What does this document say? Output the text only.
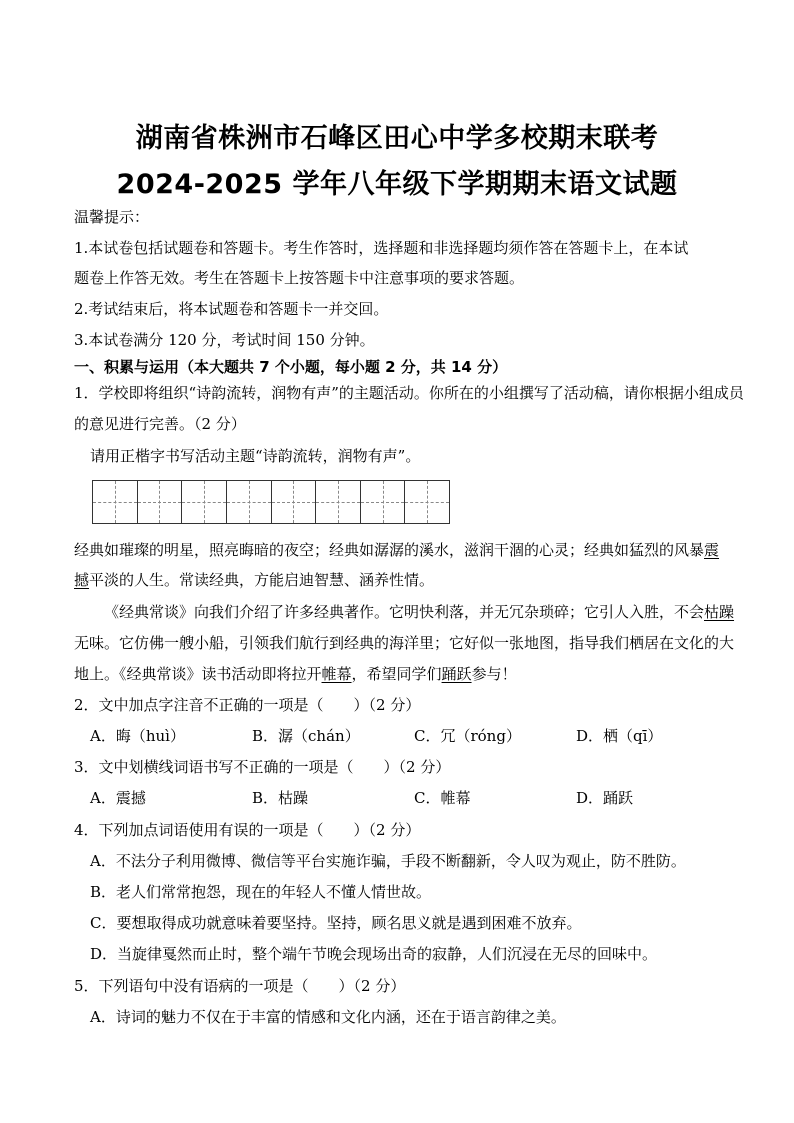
湖南省株洲市石峰区田心中学多校期末联考
2024-2025 学年八年级下学期期末语文试题
温馨提示：
1.本试卷包括试题卷和答题卡。考生作答时，选择题和非选择题均须作答在答题卡上，在本试
题卷上作答无效。考生在答题卡上按答题卡中注意事项的要求答题。
2.考试结束后，将本试题卷和答题卡一并交回。
3.本试卷满分 120 分，考试时间 150 分钟。
一、积累与运用（本大题共 7 个小题，每小题 2 分，共 14 分）
1．学校即将组织“诗韵流转，润物有声”的主题活动。你所在的小组撰写了活动稿，请你根据小组成员
的意见进行完善。（2 分）
请用正楷字书写活动主题“诗韵流转，润物有声”。
经典如璀璨的明星，照亮晦暗的夜空；经典如潺潺的溪水，滋润干涸的心灵；经典如猛烈的风暴震
撼平淡的人生。常读经典，方能启迪智慧、涵养性情。
《经典常谈》向我们介绍了许多经典著作。它明快利落，并无冗杂琐碎；它引人入胜，不会枯躁
无味。它仿佛一艘小船，引领我们航行到经典的海洋里；它好似一张地图，指导我们栖居在文化的大
地上。《经典常谈》读书活动即将拉开帷幕，希望同学们踊跃参与！
2．文中加点字注音不正确的一项是（　　）（2 分）
A．晦（huì）	B．潺（chán）	C．冗（róng）	D．栖（qī）
3．文中划横线词语书写不正确的一项是（　　）（2 分）
A．震撼	B．枯躁	C．帷幕	D．踊跃
4．下列加点词语使用有误的一项是（　　）（2 分）
A．不法分子利用微博、微信等平台实施诈骗，手段不断翻新，令人叹为观止，防不胜防。
B．老人们常常抱怨，现在的年轻人不懂人情世故。
C．要想取得成功就意味着要坚持。坚持，顾名思义就是遇到困难不放弃。
D．当旋律戛然而止时，整个端午节晚会现场出奇的寂静，人们沉浸在无尽的回味中。
5．下列语句中没有语病的一项是（　　）（2 分）
A．诗词的魅力不仅在于丰富的情感和文化内涵，还在于语言韵律之美。
